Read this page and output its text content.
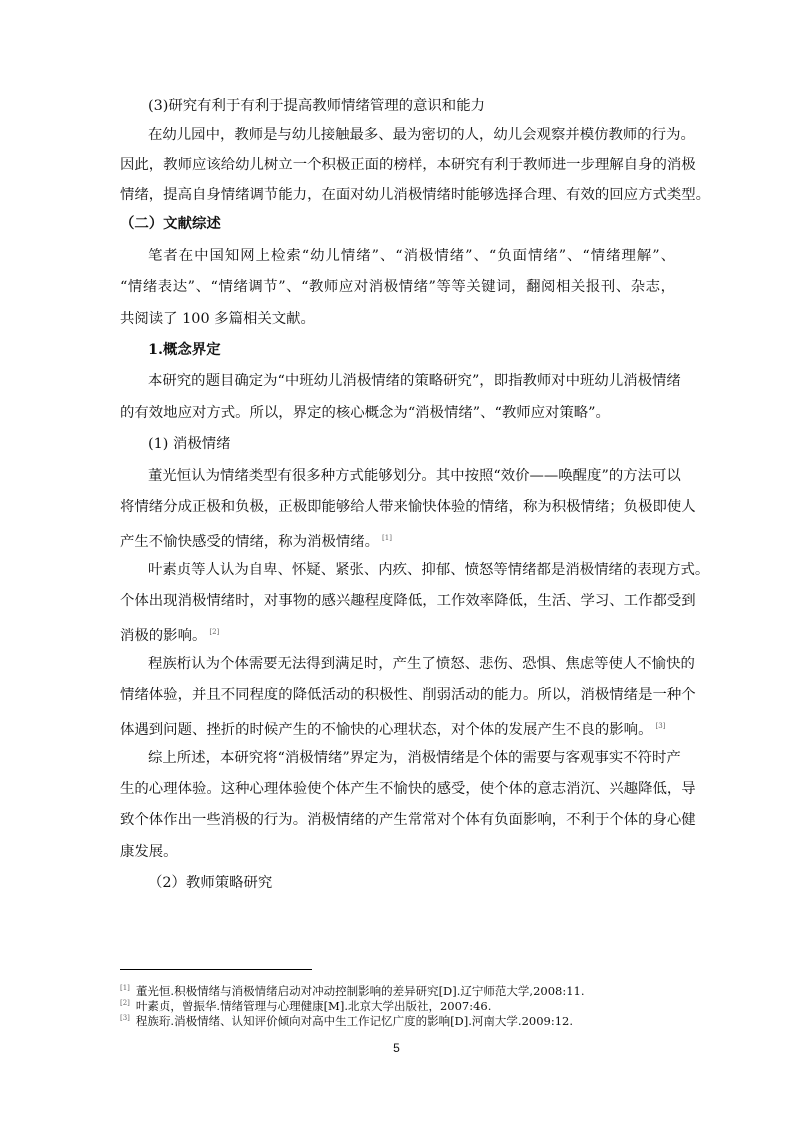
(3)研究有利于有利于提高教师情绪管理的意识和能力
在幼儿园中，教师是与幼儿接触最多、最为密切的人，幼儿会观察并模仿教师的行为。
因此，教师应该给幼儿树立一个积极正面的榜样，本研究有利于教师进一步理解自身的消极
情绪，提高自身情绪调节能力，在面对幼儿消极情绪时能够选择合理、有效的回应方式类型。
（二）文献综述
笔者在中国知网上检索“幼儿情绪”、“消极情绪”、“负面情绪”、“情绪理解”、
“情绪表达”、“情绪调节”、“教师应对消极情绪”等等关键词，翻阅相关报刊、杂志，
共阅读了 100 多篇相关文献。
1.概念界定
本研究的题目确定为“中班幼儿消极情绪的策略研究”，即指教师对中班幼儿消极情绪
的有效地应对方式。所以，界定的核心概念为“消极情绪”、“教师应对策略”。
(1) 消极情绪
董光恒认为情绪类型有很多种方式能够划分。其中按照“效价——唤醒度”的方法可以
将情绪分成正极和负极，正极即能够给人带来愉快体验的情绪，称为积极情绪；负极即使人
产生不愉快感受的情绪，称为消极情绪。 [1]
叶素贞等人认为自卑、怀疑、紧张、内疚、抑郁、愤怒等情绪都是消极情绪的表现方式。
个体出现消极情绪时，对事物的感兴趣程度降低，工作效率降低，生活、学习、工作都受到
消极的影响。 [2]
程族桁认为个体需要无法得到满足时，产生了愤怒、悲伤、恐惧、焦虑等使人不愉快的
情绪体验，并且不同程度的降低活动的积极性、削弱活动的能力。所以，消极情绪是一种个
体遇到问题、挫折的时候产生的不愉快的心理状态，对个体的发展产生不良的影响。 [3]
综上所述，本研究将“消极情绪”界定为，消极情绪是个体的需要与客观事实不符时产
生的心理体验。这种心理体验使个体产生不愉快的感受，使个体的意志消沉、兴趣降低，导
致个体作出一些消极的行为。消极情绪的产生常常对个体有负面影响，不利于个体的身心健
康发展。
（2）教师策略研究
[1] 董光恒.积极情绪与消极情绪启动对冲动控制影响的差异研究[D].辽宁师范大学,2008:11.
[2] 叶素贞，曾振华.情绪管理与心理健康[M].北京大学出版社，2007:46.
[3] 程族珩.消极情绪、认知评价倾向对高中生工作记忆广度的影响[D].河南大学.2009:12.
5
